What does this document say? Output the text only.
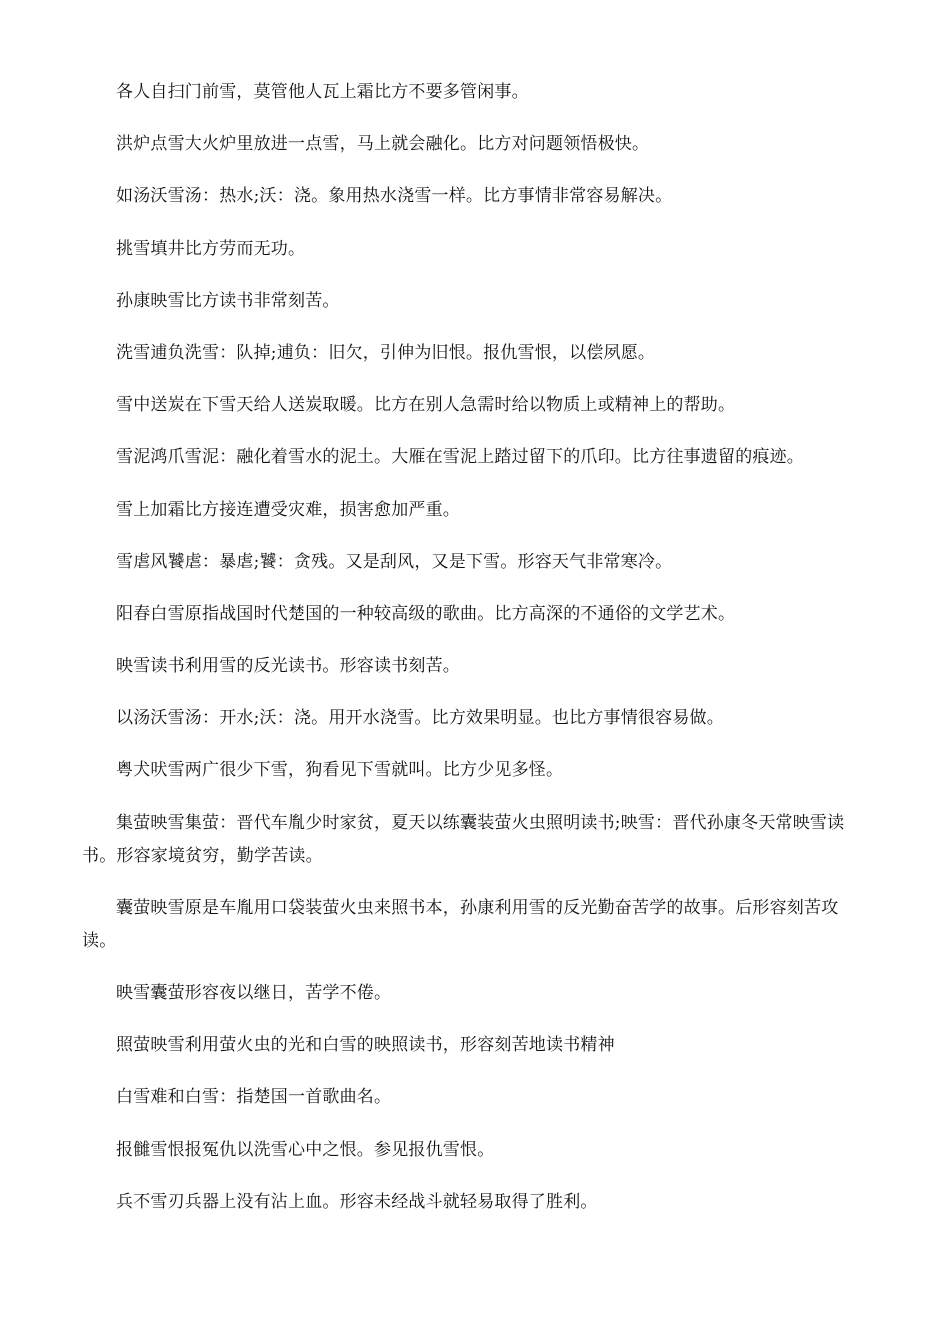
各人自扫门前雪，莫管他人瓦上霜比方不要多管闲事。

洪炉点雪大火炉里放进一点雪，马上就会融化。比方对问题领悟极快。

如汤沃雪汤：热水;沃：浇。象用热水浇雪一样。比方事情非常容易解决。

挑雪填井比方劳而无功。

孙康映雪比方读书非常刻苦。

洗雪逋负洗雪：队掉;逋负：旧欠，引伸为旧恨。报仇雪恨，以偿夙愿。

雪中送炭在下雪天给人送炭取暖。比方在别人急需时给以物质上或精神上的帮助。

雪泥鸿爪雪泥：融化着雪水的泥土。大雁在雪泥上踏过留下的爪印。比方往事遗留的痕迹。

雪上加霜比方接连遭受灾难，损害愈加严重。

雪虐风饕虐：暴虐;饕：贪残。又是刮风，又是下雪。形容天气非常寒冷。

阳春白雪原指战国时代楚国的一种较高级的歌曲。比方高深的不通俗的文学艺术。

映雪读书利用雪的反光读书。形容读书刻苦。

以汤沃雪汤：开水;沃：浇。用开水浇雪。比方效果明显。也比方事情很容易做。

粤犬吠雪两广很少下雪，狗看见下雪就叫。比方少见多怪。

集萤映雪集萤：晋代车胤少时家贫，夏天以练囊装萤火虫照明读书;映雪：晋代孙康冬天常映雪读书。形容家境贫穷，勤学苦读。

囊萤映雪原是车胤用口袋装萤火虫来照书本，孙康利用雪的反光勤奋苦学的故事。后形容刻苦攻读。

映雪囊萤形容夜以继日，苦学不倦。

照萤映雪利用萤火虫的光和白雪的映照读书，形容刻苦地读书精神

白雪难和白雪：指楚国一首歌曲名。

报雠雪恨报冤仇以洗雪心中之恨。参见报仇雪恨。

兵不雪刃兵器上没有沾上血。形容未经战斗就轻易取得了胜利。
